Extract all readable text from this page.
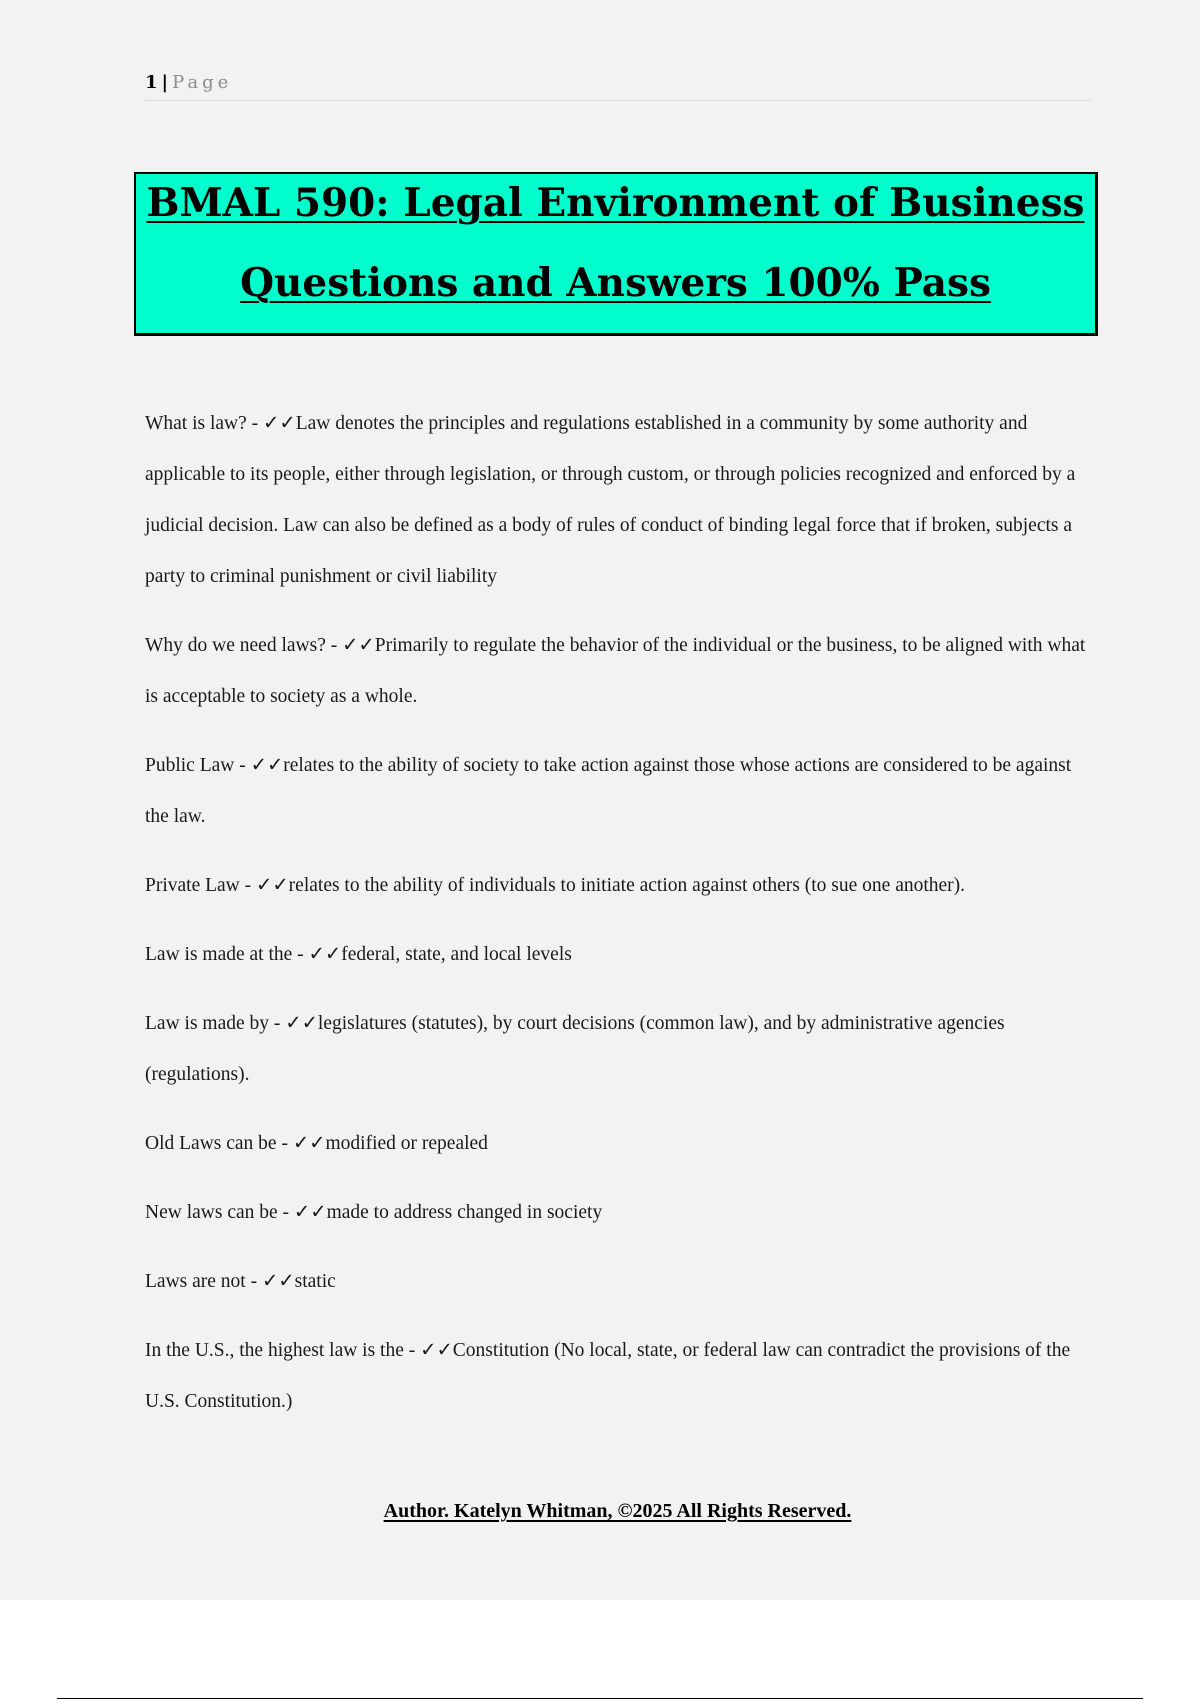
1 | Page
BMAL 590: Legal Environment of Business
Questions and Answers 100% Pass

What is law? - ✓✓Law denotes the principles and regulations established in a community by some authority and applicable to its people, either through legislation, or through custom, or through policies recognized and enforced by a judicial decision. Law can also be defined as a body of rules of conduct of binding legal force that if broken, subjects a party to criminal punishment or civil liability

Why do we need laws? - ✓✓Primarily to regulate the behavior of the individual or the business, to be aligned with what is acceptable to society as a whole.

Public Law - ✓✓relates to the ability of society to take action against those whose actions are considered to be against the law.

Private Law - ✓✓relates to the ability of individuals to initiate action against others (to sue one another).

Law is made at the - ✓✓federal, state, and local levels

Law is made by - ✓✓legislatures (statutes), by court decisions (common law), and by administrative agencies (regulations).

Old Laws can be - ✓✓modified or repealed

New laws can be - ✓✓made to address changed in society

Laws are not - ✓✓static

In the U.S., the highest law is the - ✓✓Constitution (No local, state, or federal law can contradict the provisions of the U.S. Constitution.)

Author. Katelyn Whitman, ©2025 All Rights Reserved.
